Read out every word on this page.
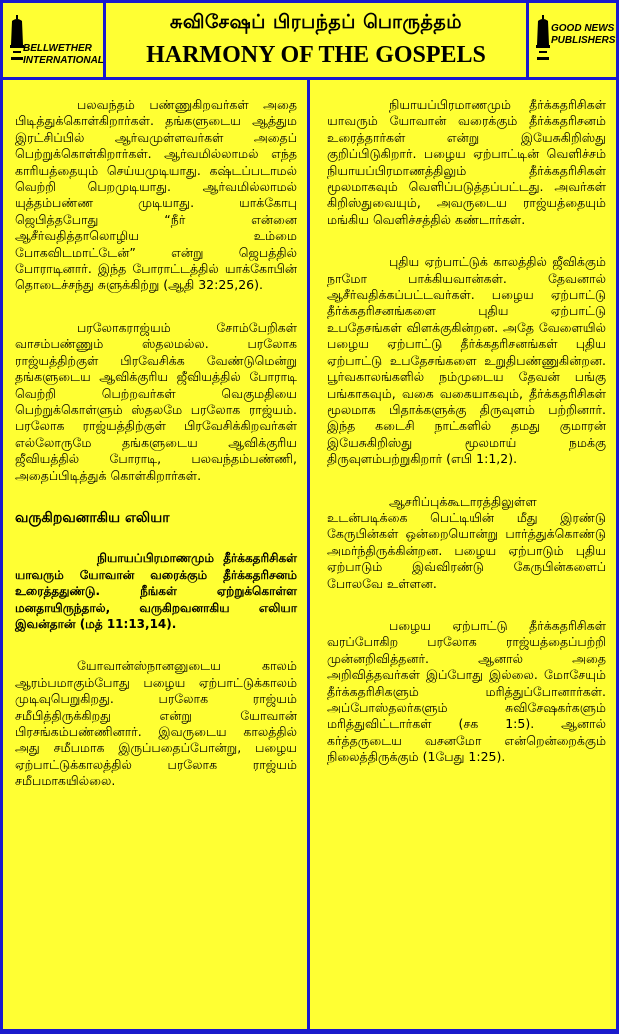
BELLWETHER
INTERNATIONAL
சுவிசேஷப் பிரபந்தப் பொருத்தம்
HARMONY OF THE GOSPELS
GOOD NEWS
PUBLISHERS

பலவந்தம் பண்ணுகிறவர்கள் அதை பிடித்துக்கொள்கிறார்கள். தங்களுடைய ஆத்தும இரட்சிப்பில் ஆர்வமுள்ளவர்கள் அதைப் பெற்றுக்கொள்கிறார்கள். ஆர்வமில்லாமல் எந்த காரியத்தையும் செய்யமுடியாது. கஷ்டப்படாமல் வெற்றி பெறமுடியாது. ஆர்வமில்லாமல் யுத்தம்பண்ண முடியாது. யாக்கோபு ஜெபித்தபோது “நீர் என்னை ஆசீர்வதித்தாலொழிய உம்மை போகவிடமாட்டேன்” என்று ஜெபத்தில் போராடினார். இந்த போராட்டத்தில் யாக்கோபின் தொடைச்சந்து சுளுக்கிற்று (ஆதி 32:25,26).

பரலோகராஜ்யம் சோம்பேறிகள் வாசம்பண்ணும் ஸ்தலமல்ல. பரலோக ராஜ்யத்திற்குள் பிரவேசிக்க வேண்டுமென்று தங்களுடைய ஆவிக்குரிய ஜீவியத்தில் போராடி வெற்றி பெற்றவர்கள் வெகுமதியை பெற்றுக்கொள்ளும் ஸ்தலமே பரலோக ராஜ்யம். பரலோக ராஜ்யத்திற்குள் பிரவேசிக்கிறவர்கள் எல்லோருமே தங்களுடைய ஆவிக்குரிய ஜீவியத்தில் போராடி, பலவந்தம்பண்ணி, அதைப்பிடித்துக் கொள்கிறார்கள்.

வருகிறவனாகிய எலியா

நியாயப்பிரமாணமும் தீர்க்கதரிசிகள் யாவரும் யோவான் வரைக்கும் தீர்க்கதரிசனம் உரைத்ததுண்டு. நீங்கள் ஏற்றுக்கொள்ள மனதாயிருந்தால், வருகிறவனாகிய எலியா இவன்தான் (மத் 11:13,14).

யோவான்ஸ்நானனுடைய காலம் ஆரம்பமாகும்போது பழைய ஏற்பாட்டுக்காலம் முடிவுபெறுகிறது. பரலோக ராஜ்யம் சமீபித்திருக்கிறது என்று யோவான் பிரசங்கம்பண்ணினார். இவருடைய காலத்தில் அது சமீபமாக இருப்பதைப்போன்று, பழைய ஏற்பாட்டுக்காலத்தில் பரலோக ராஜ்யம் சமீபமாகயில்லை.

நியாயப்பிரமாணமும் தீர்க்கதரிசிகள் யாவரும் யோவான் வரைக்கும் தீர்க்கதரிசனம் உரைத்தார்கள் என்று இயேசுகிறிஸ்து குறிப்பிடுகிறார். பழைய ஏற்பாட்டின் வெளிச்சம் நியாயப்பிரமாணத்திலும் தீர்க்கதரிசிகள் மூலமாகவும் வெளிப்படுத்தப்பட்டது. அவர்கள் கிறிஸ்துவையும், அவருடைய ராஜ்யத்தையும் மங்கிய வெளிச்சத்தில் கண்டார்கள்.

புதிய ஏற்பாட்டுக் காலத்தில் ஜீவிக்கும் நாமோ பாக்கியவான்கள். தேவனால் ஆசீர்வதிக்கப்பட்டவர்கள். பழைய ஏற்பாட்டு தீர்க்கதரிசனங்களை புதிய ஏற்பாட்டு உபதேசங்கள் விளக்குகின்றன. அதே வேளையில் பழைய ஏற்பாட்டு தீர்க்கதரிசனங்கள் புதிய ஏற்பாட்டு உபதேசங்களை உறுதிபண்ணுகின்றன. பூர்வகாலங்களில் நம்முடைய தேவன் பங்கு பங்காகவும், வகை வகையாகவும், தீர்க்கதரிசிகள் மூலமாக பிதாக்களுக்கு திருவுளம் பற்றினார். இந்த கடைசி நாட்களில் தமது குமாரன் இயேசுகிறிஸ்து மூலமாய் நமக்கு திருவுளம்பற்றுகிறார் (எபி 1:1,2).

ஆசரிப்புக்கூடாரத்திலுள்ள உடன்படிக்கை பெட்டியின் மீது இரண்டு கேருபின்கள் ஒன்றையொன்று பார்த்துக்கொண்டு அமர்ந்திருக்கின்றன. பழைய ஏற்பாடும் புதிய ஏற்பாடும் இவ்விரண்டு கேருபின்களைப் போலவே உள்ளன.

பழைய ஏற்பாட்டு தீர்க்கதரிசிகள் வரப்போகிற பரலோக ராஜ்யத்தைப்பற்றி முன்னறிவித்தனர். ஆனால் அதை அறிவித்தவர்கள் இப்போது இல்லை. மோசேயும் தீர்க்கதரிசிகளும் மரித்துப்போனார்கள். அப்போஸ்தலர்களும் சுவிசேஷகர்களும் மரித்துவிட்டார்கள் (சக 1:5). ஆனால் கர்த்தருடைய வசனமோ என்றென்றைக்கும் நிலைத்திருக்கும் (1பேது 1:25).
